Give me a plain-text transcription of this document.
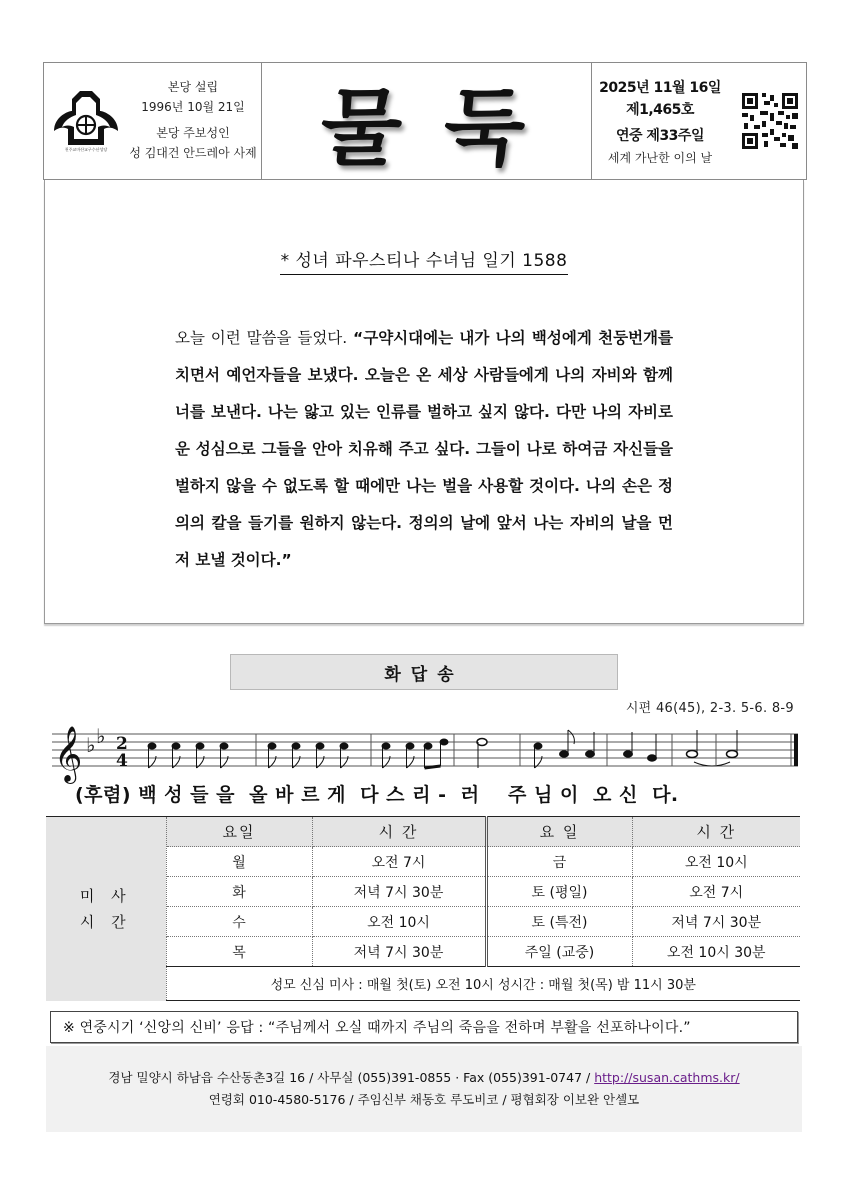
천주교마산교구수산성당
본당 설립
1996년 10월 21일
본당 주보성인
성 김대건 안드레아 사제 물 둑	2025년 11월 16일
제1,465호
연중 제33주일
세계 가난한 이의 날
* 성녀 파우스티나 수녀님 일기 1588
오늘 이런 말씀을 들었다. “구약시대에는 내가 나의 백성에게 천둥번개를 치면서 예언자들을 보냈다. 오늘은 온 세상 사람들에게 나의 자비와 함께 너를 보낸다. 나는 앓고 있는 인류를 벌하고 싶지 않다. 다만 나의 자비로운 성심으로 그들을 안아 치유해 주고 싶다. 그들이 나로 하여금 자신들을 벌하지 않을 수 없도록 할 때에만 나는 벌을 사용할 것이다. 나의 손은 정의의 칼을 들기를 원하지 않는다. 정의의 날에 앞서 나는 자비의 날을 먼저 보낼 것이다.”
화답송
시편 46(45), 2-3. 5-6. 8-9
𝄞 ♭ ♭ 2
4
(후렴) 백 성 들 을  올 바 르 게  다 스 리 -  러    주 님 이  오 신  다.
미 사
시 간	요일	시 간	요 일	시 간
	월	오전 7시	금	오전 10시
	화	저녁 7시 30분	토 (평일)	오전 7시
	수	오전 10시	토 (특전)	저녁 7시 30분
	목	저녁 7시 30분	주일 (교중)	오전 10시 30분
	성모 신심 미사 : 매월 첫(토) 오전 10시 성시간 : 매월 첫(목) 밤 11시 30분			
※ 연중시기 ‘신앙의 신비’ 응답 : “주님께서 오실 때까지 주님의 죽음을 전하며 부활을 선포하나이다.”
경남 밀양시 하남읍 수산동촌3길 16 / 사무실 (055)391-0855 · Fax (055)391-0747 / http://susan.cathms.kr/
연령회 010-4580-5176 / 주임신부 채동호 루도비코 / 평협회장 이보완 안셀모
